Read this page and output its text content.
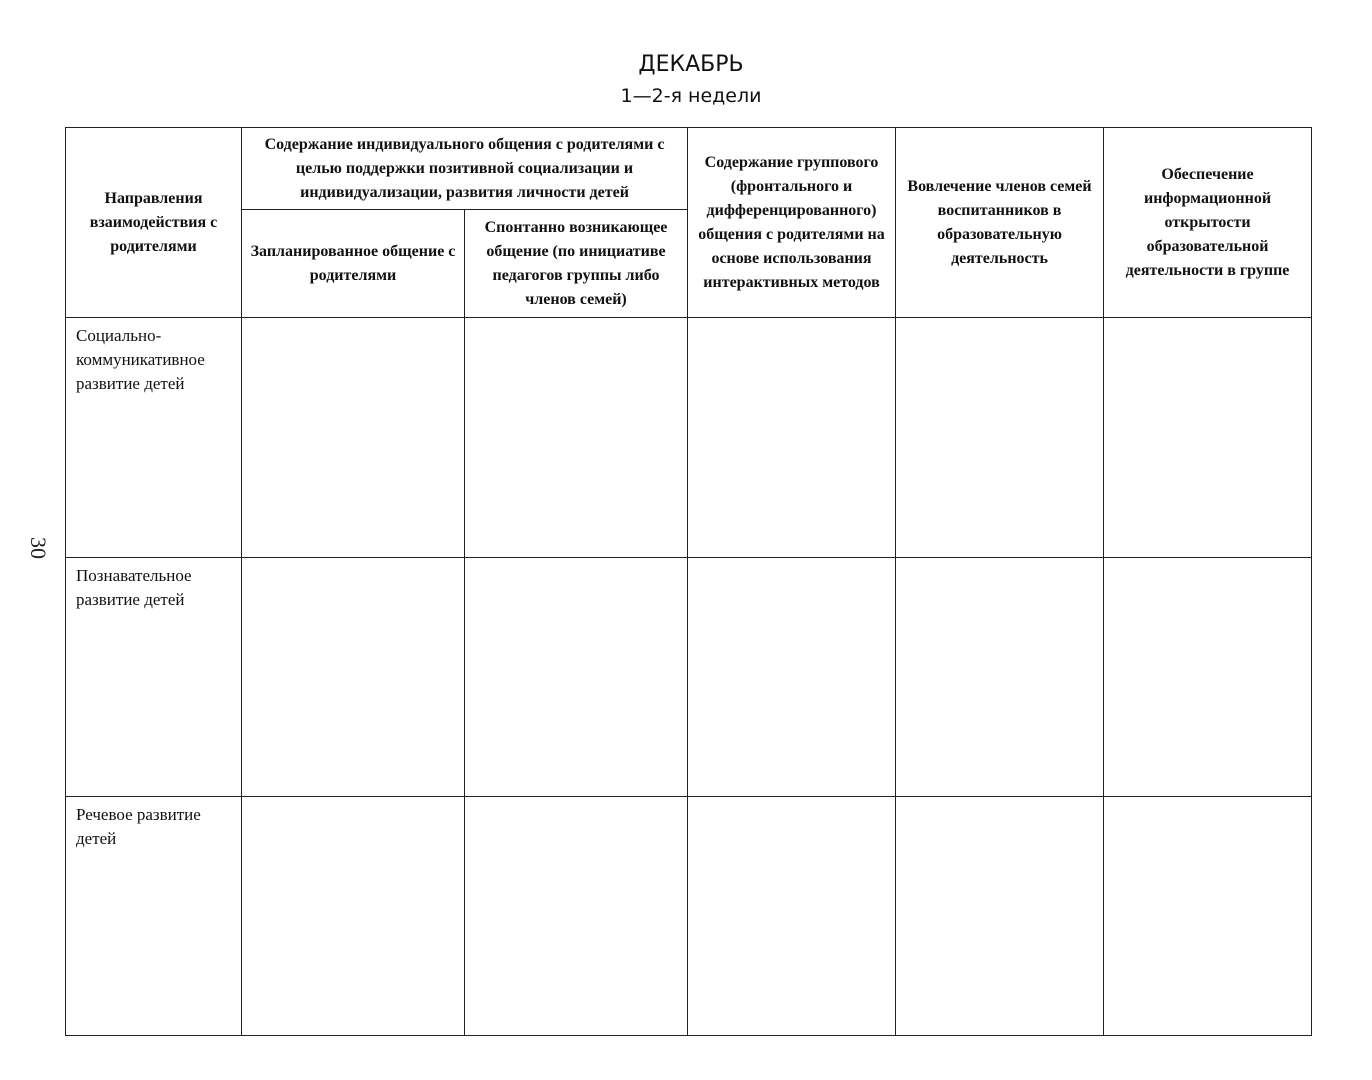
ДЕКАБРЬ
1—2-я недели
30
Направления взаимодействия с родителями	Содержание индивидуального общения с родителями с целью поддержки позитивной социализации и индивидуализации, развития личности детей		Содержание группового (фронтального и дифференцированного) общения с родителями на основе использования интерактивных методов	Вовлечение членов семей воспитанников в образовательную деятельность	Обеспечение информационной открытости образовательной деятельности в группе
	Запланированное общение с родителями	Спонтанно возникающее общение (по инициативе педагогов группы либо членов семей)			
Социально-коммуникативное развитие детей					
Познавательное развитие детей					
Речевое развитие детей					
